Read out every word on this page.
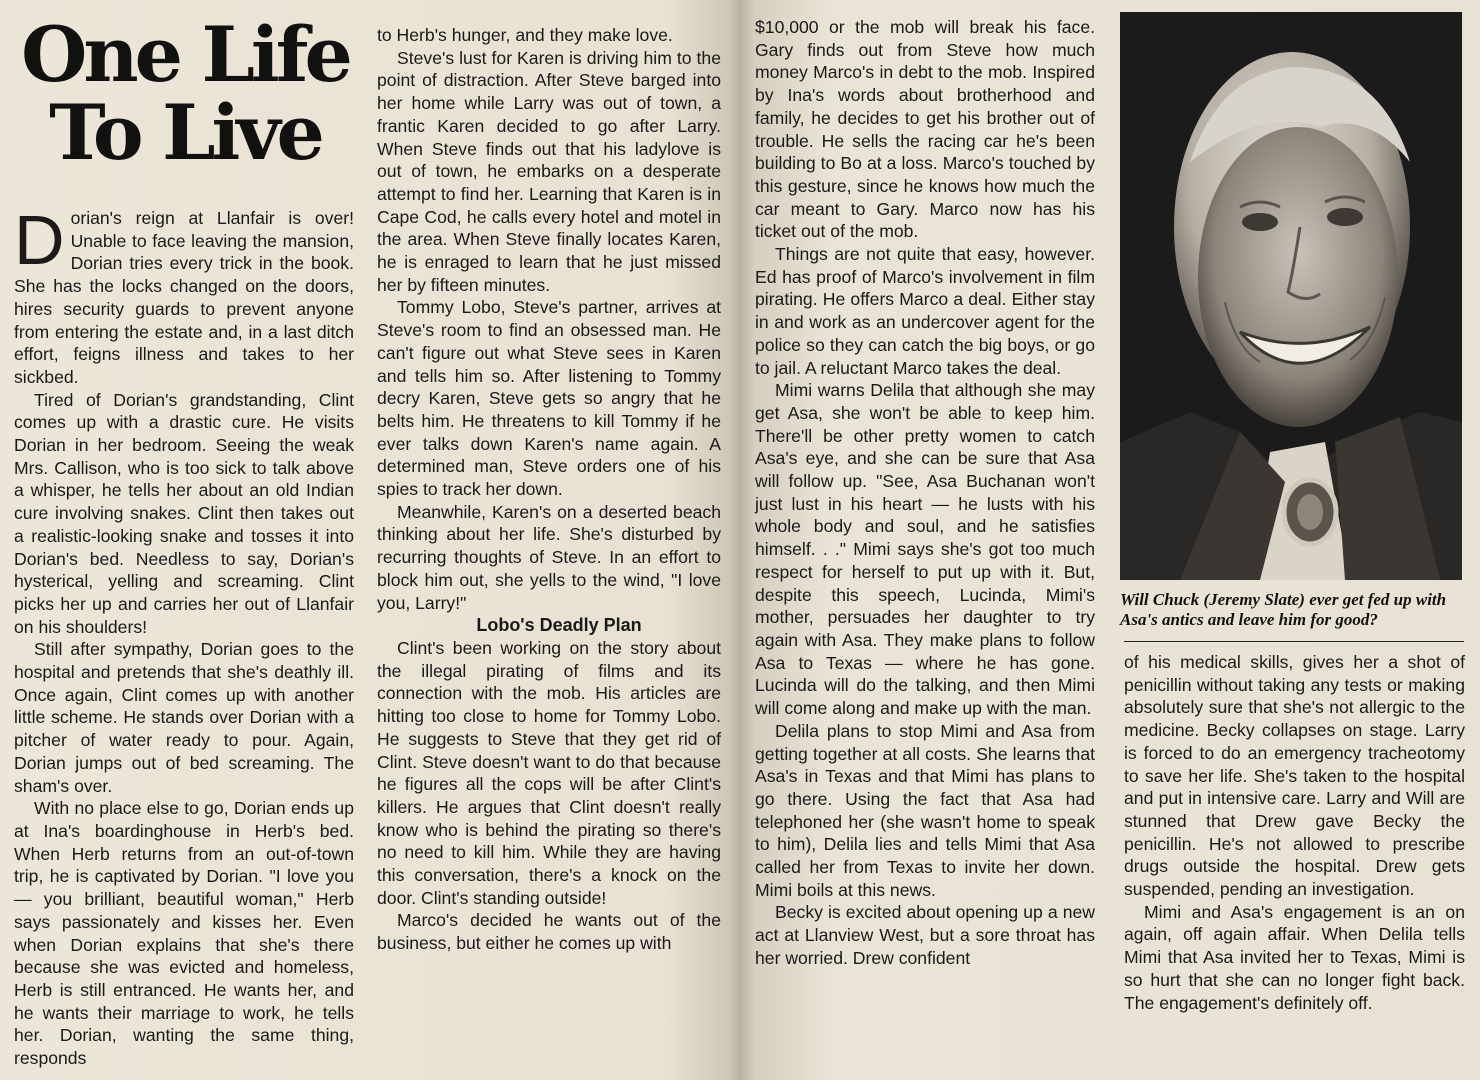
One Life
To Live

Dorian's reign at Llanfair is over! Unable to face leaving the mansion, Dorian tries every trick in the book. She has the locks changed on the doors, hires security guards to prevent anyone from entering the estate and, in a last ditch effort, feigns illness and takes to her sickbed.

Tired of Dorian's grandstanding, Clint comes up with a drastic cure. He visits Dorian in her bedroom. Seeing the weak Mrs. Callison, who is too sick to talk above a whisper, he tells her about an old Indian cure involving snakes. Clint then takes out a realistic-looking snake and tosses it into Dorian's bed. Needless to say, Dorian's hysterical, yelling and screaming. Clint picks her up and carries her out of Llanfair on his shoulders!

Still after sympathy, Dorian goes to the hospital and pretends that she's deathly ill. Once again, Clint comes up with another little scheme. He stands over Dorian with a pitcher of water ready to pour. Again, Dorian jumps out of bed screaming. The sham's over.

With no place else to go, Dorian ends up at Ina's boardinghouse in Herb's bed. When Herb returns from an out-of-town trip, he is captivated by Dorian. "I love you — you brilliant, beautiful woman," Herb says passionately and kisses her. Even when Dorian explains that she's there because she was evicted and homeless, Herb is still entranced. He wants her, and he wants their marriage to work, he tells her. Dorian, wanting the same thing, responds

to Herb's hunger, and they make love.

Steve's lust for Karen is driving him to the point of distraction. After Steve barged into her home while Larry was out of town, a frantic Karen decided to go after Larry. When Steve finds out that his ladylove is out of town, he embarks on a desperate attempt to find her. Learning that Karen is in Cape Cod, he calls every hotel and motel in the area. When Steve finally locates Karen, he is enraged to learn that he just missed her by fifteen minutes.

Tommy Lobo, Steve's partner, arrives at Steve's room to find an obsessed man. He can't figure out what Steve sees in Karen and tells him so. After listening to Tommy decry Karen, Steve gets so angry that he belts him. He threatens to kill Tommy if he ever talks down Karen's name again. A determined man, Steve orders one of his spies to track her down.

Meanwhile, Karen's on a deserted beach thinking about her life. She's disturbed by recurring thoughts of Steve. In an effort to block him out, she yells to the wind, "I love you, Larry!"

Lobo's Deadly Plan

Clint's been working on the story about the illegal pirating of films and its connection with the mob. His articles are hitting too close to home for Tommy Lobo. He suggests to Steve that they get rid of Clint. Steve doesn't want to do that because he figures all the cops will be after Clint's killers. He argues that Clint doesn't really know who is behind the pirating so there's no need to kill him. While they are having this conversation, there's a knock on the door. Clint's standing outside!

Marco's decided he wants out of the business, but either he comes up with

$10,000 or the mob will break his face. Gary finds out from Steve how much money Marco's in debt to the mob. Inspired by Ina's words about brotherhood and family, he decides to get his brother out of trouble. He sells the racing car he's been building to Bo at a loss. Marco's touched by this gesture, since he knows how much the car meant to Gary. Marco now has his ticket out of the mob.

Things are not quite that easy, however. Ed has proof of Marco's involvement in film pirating. He offers Marco a deal. Either stay in and work as an undercover agent for the police so they can catch the big boys, or go to jail. A reluctant Marco takes the deal.

Mimi warns Delila that although she may get Asa, she won't be able to keep him. There'll be other pretty women to catch Asa's eye, and she can be sure that Asa will follow up. "See, Asa Buchanan won't just lust in his heart — he lusts with his whole body and soul, and he satisfies himself. . ." Mimi says she's got too much respect for herself to put up with it. But, despite this speech, Lucinda, Mimi's mother, persuades her daughter to try again with Asa. They make plans to follow Asa to Texas — where he has gone. Lucinda will do the talking, and then Mimi will come along and make up with the man.

Delila plans to stop Mimi and Asa from getting together at all costs. She learns that Asa's in Texas and that Mimi has plans to go there. Using the fact that Asa had telephoned her (she wasn't home to speak to him), Delila lies and tells Mimi that Asa called her from Texas to invite her down. Mimi boils at this news.

Becky is excited about opening up a new act at Llanview West, but a sore throat has her worried. Drew confident

Will Chuck (Jeremy Slate) ever get fed up with Asa's antics and leave him for good?

of his medical skills, gives her a shot of penicillin without taking any tests or making absolutely sure that she's not allergic to the medicine. Becky collapses on stage. Larry is forced to do an emergency tracheotomy to save her life. She's taken to the hospital and put in intensive care. Larry and Will are stunned that Drew gave Becky the penicillin. He's not allowed to prescribe drugs outside the hospital. Drew gets suspended, pending an investigation.

Mimi and Asa's engagement is an on again, off again affair. When Delila tells Mimi that Asa invited her to Texas, Mimi is so hurt that she can no longer fight back. The engagement's definitely off.
